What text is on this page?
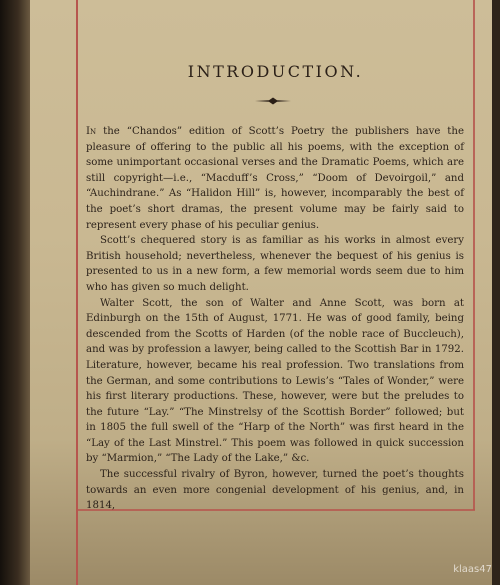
INTRODUCTION.

In the “Chandos” edition of Scott’s Poetry the publishers have the pleasure of offering to the public all his poems, with the exception of some unimportant occasional verses and the Dramatic Poems, which are still copyright—i.e., “Macduff’s Cross,” “Doom of Devoirgoil,” and “Auchindrane.” As “Halidon Hill” is, however, incomparably the best of the poet’s short dramas, the present volume may be fairly said to represent every phase of his peculiar genius.

Scott’s chequered story is as familiar as his works in almost every British household; nevertheless, whenever the bequest of his genius is presented to us in a new form, a few memorial words seem due to him who has given so much delight.

Walter Scott, the son of Walter and Anne Scott, was born at Edinburgh on the 15th of August, 1771. He was of good family, being descended from the Scotts of Harden (of the noble race of Buccleuch), and was by profession a lawyer, being called to the Scottish Bar in 1792. Literature, however, became his real profession. Two translations from the German, and some contributions to Lewis’s “Tales of Wonder,” were his first literary productions. These, however, were but the preludes to the future “Lay.” “The Minstrelsy of the Scottish Border” followed; but in 1805 the full swell of the “Harp of the North” was first heard in the “Lay of the Last Minstrel.” This poem was followed in quick succession by “Marmion,” “The Lady of the Lake,” &c.

The successful rivalry of Byron, however, turned the poet’s thoughts towards an even more congenial development of his genius, and, in 1814,

klaas47
